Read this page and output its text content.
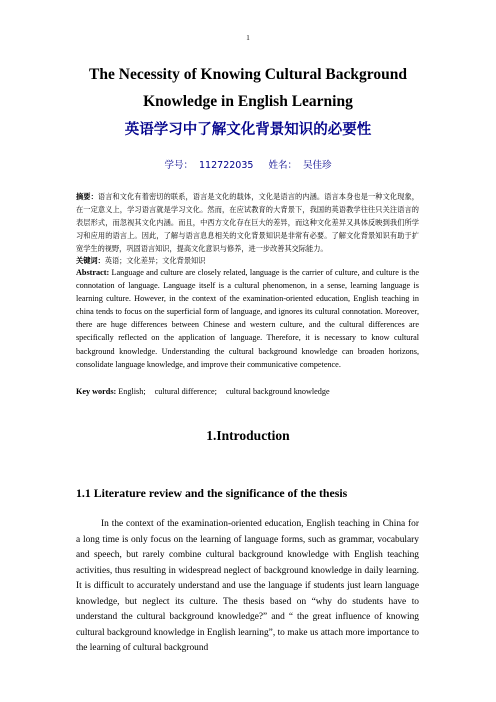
1
The Necessity of Knowing Cultural Background
Knowledge in English Learning
英语学习中了解文化背景知识的必要性
学号： 112722035 姓名： 吴佳珍
摘要：语言和文化有着密切的联系，语言是文化的载体，文化是语言的内涵。语言本身也是一种文化现象，在一定意义上，学习语言就是学习文化。然而，在应试教育的大背景下，我国的英语教学往往只关注语言的表层形式，而忽视其文化内涵。而且，中西方文化存在巨大的差异，而这种文化差异又具体反映到我们所学习和应用的语言上。因此，了解与语言息息相关的文化背景知识是非常有必要。了解文化背景知识有助于扩宽学生的视野，巩固语言知识，提高文化意识与修养，进一步改善其交际能力。
关键词：英语；文化差异；文化背景知识
Abstract: Language and culture are closely related, language is the carrier of culture, and culture is the connotation of language. Language itself is a cultural phenomenon, in a sense, learning language is learning culture. However, in the context of the examination-oriented education, English teaching in china tends to focus on the superficial form of language, and ignores its cultural connotation. Moreover, there are huge differences between Chinese and western culture, and the cultural differences are specifically reflected on the application of language. Therefore, it is necessary to know cultural background knowledge. Understanding the cultural background knowledge can broaden horizons, consolidate language knowledge, and improve their communicative competence.
Key words: English; cultural difference; cultural background knowledge
1.Introduction
1.1 Literature review and the significance of the thesis
In the context of the examination-oriented education, English teaching in China for a long time is only focus on the learning of language forms, such as grammar, vocabulary and speech, but rarely combine cultural background knowledge with English teaching activities, thus resulting in widespread neglect of background knowledge in daily learning. It is difficult to accurately understand and use the language if students just learn language knowledge, but neglect its culture. The thesis based on “why do students have to understand the cultural background knowledge?” and “ the great influence of knowing cultural background knowledge in English learning”, to make us attach more importance to the learning of cultural background
